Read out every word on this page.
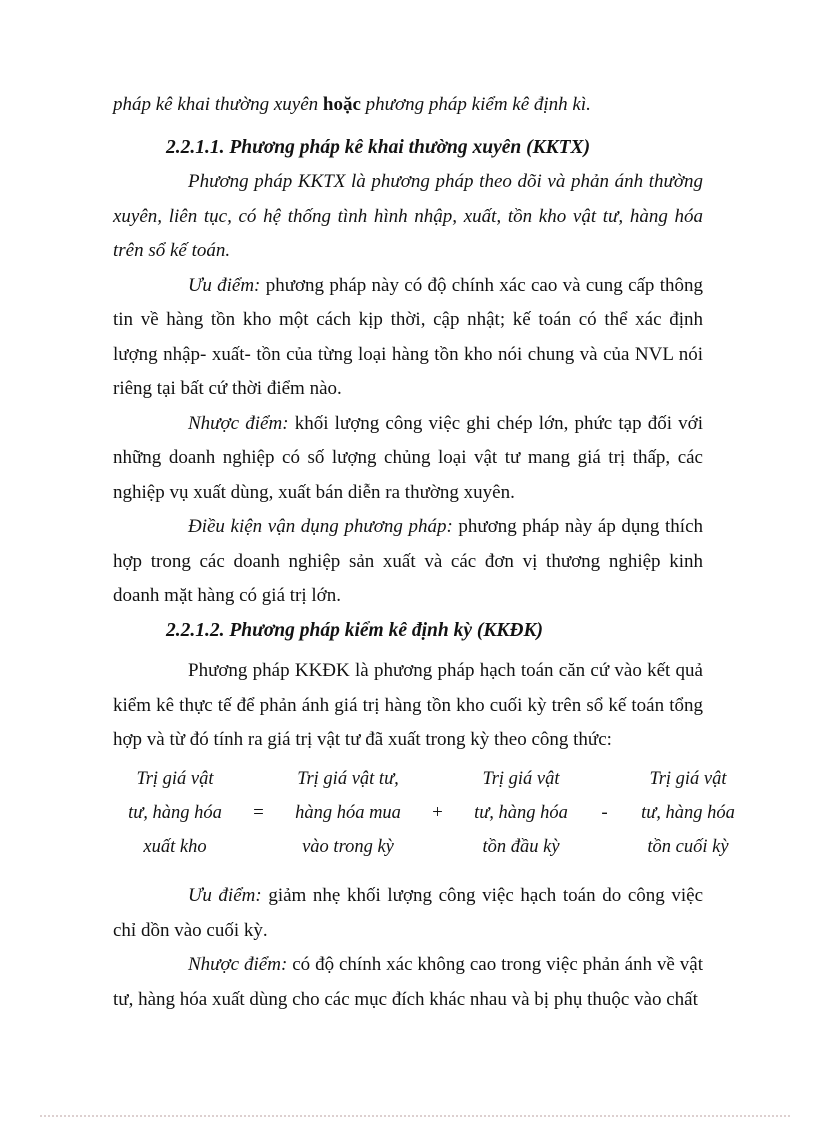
pháp kê khai thường xuyên hoặc phương pháp kiểm kê định kì.

2.2.1.1. Phương pháp kê khai thường xuyên (KKTX)

Phương pháp KKTX là phương pháp theo dõi và phản ánh thường xuyên, liên tục, có hệ thống tình hình nhập, xuất, tồn kho vật tư, hàng hóa trên sổ kế toán.

Ưu điểm: phương pháp này có độ chính xác cao và cung cấp thông tin về hàng tồn kho một cách kịp thời, cập nhật; kế toán có thể xác định lượng nhập- xuất- tồn của từng loại hàng tồn kho nói chung và của NVL nói riêng tại bất cứ thời điểm nào.

Nhược điểm: khối lượng công việc ghi chép lớn, phức tạp đối với những doanh nghiệp có số lượng chủng loại vật tư mang giá trị thấp, các nghiệp vụ xuất dùng, xuất bán diễn ra thường xuyên.

Điều kiện vận dụng phương pháp: phương pháp này áp dụng thích hợp trong các doanh nghiệp sản xuất và các đơn vị thương nghiệp kinh doanh mặt hàng có giá trị lớn.

2.2.1.2. Phương pháp kiểm kê định kỳ (KKĐK)

Phương pháp KKĐK là phương pháp hạch toán căn cứ vào kết quả kiểm kê thực tế để phản ánh giá trị hàng tồn kho cuối kỳ trên sổ kế toán tổng hợp và từ đó tính ra giá trị vật tư đã xuất trong kỳ theo công thức:

Trị giá vật
tư, hàng hóa
xuất kho
=
Trị giá vật tư,
hàng hóa mua
vào trong kỳ
+
Trị giá vật
tư, hàng hóa
tồn đầu kỳ
-
Trị giá vật
tư, hàng hóa
tồn cuối kỳ

Ưu điểm: giảm nhẹ khối lượng công việc hạch toán do công việc chỉ dồn vào cuối kỳ.

Nhược điểm: có độ chính xác không cao trong việc phản ánh về vật tư, hàng hóa xuất dùng cho các mục đích khác nhau và bị phụ thuộc vào chất
